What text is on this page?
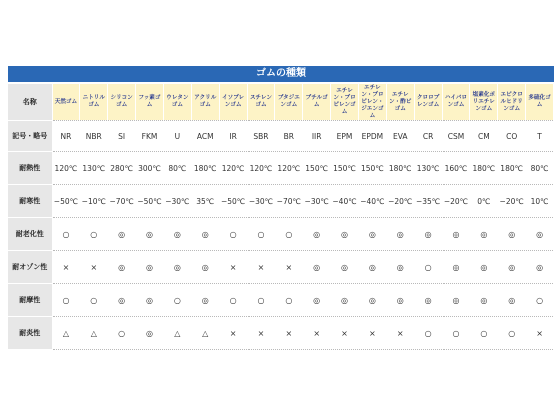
ゴムの種類
名称	天然ゴム	ニトリルゴム	シリコンゴム	フッ素ゴム	ウレタンゴム	アクリルゴム	イソプレンゴム	スチレンゴム	ブタジエンゴム	ブチルゴム	エチレン・プロピレンゴム	エチレン・プロピレン・ジエンゴム	エチレン・酢ビゴム	クロロプレンゴム	ハイパロンゴム	塩素化ポリエチレンゴム	エピクロルヒドリンゴム	多硫化ゴム
記号・略号	NR	NBR	SI	FKM	U	ACM	IR	SBR	BR	IIR	EPM	EPDM	EVA	CR	CSM	CM	CO	T
耐熱性	120℃	130℃	280℃	300℃	80℃	180℃	120℃	120℃	120℃	150℃	150℃	150℃	180℃	130℃	160℃	180℃	180℃	80℃
耐寒性	−50℃	−10℃	−70℃	−50℃	−30℃	35℃	−50℃	−30℃	−70℃	−30℃	−40℃	−40℃	−20℃	−35℃	−20℃	0℃	−20℃	10℃
耐老化性	○	○	◎	◎	◎	◎	○	○	○	◎	◎	◎	◎	◎	◎	◎	◎	◎
耐オゾン性	×	×	◎	◎	◎	◎	×	×	×	◎	◎	◎	◎	○	◎	◎	◎	◎
耐摩性	○	○	◎	◎	○	◎	○	○	○	◎	◎	◎	◎	◎	◎	◎	◎	○
耐炎性	△	△	○	◎	△	△	×	×	×	×	×	×	×	○	○	○	○	×
